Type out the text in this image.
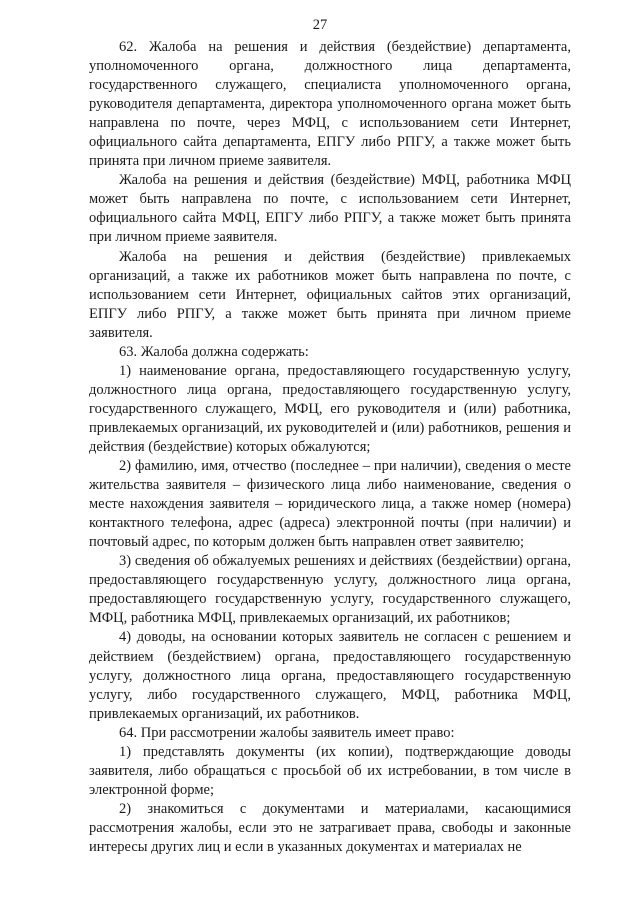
27

62. Жалоба на решения и действия (бездействие) департамента, уполномоченного органа, должностного лица департамента, государственного служащего, специалиста уполномоченного органа, руководителя департамента, директора уполномоченного органа может быть направлена по почте, через МФЦ, с использованием сети Интернет, официального сайта департамента, ЕПГУ либо РПГУ, а также может быть принята при личном приеме заявителя.

Жалоба на решения и действия (бездействие) МФЦ, работника МФЦ может быть направлена по почте, с использованием сети Интернет, официального сайта МФЦ, ЕПГУ либо РПГУ, а также может быть принята при личном приеме заявителя.

Жалоба на решения и действия (бездействие) привлекаемых организаций, а также их работников может быть направлена по почте, с использованием сети Интернет, официальных сайтов этих организаций, ЕПГУ либо РПГУ, а также может быть принята при личном приеме заявителя.

63. Жалоба должна содержать:

1) наименование органа, предоставляющего государственную услугу, должностного лица органа, предоставляющего государственную услугу, государственного служащего, МФЦ, его руководителя и (или) работника, привлекаемых организаций, их руководителей и (или) работников, решения и действия (бездействие) которых обжалуются;

2) фамилию, имя, отчество (последнее – при наличии), сведения о месте жительства заявителя – физического лица либо наименование, сведения о месте нахождения заявителя – юридического лица, а также номер (номера) контактного телефона, адрес (адреса) электронной почты (при наличии) и почтовый адрес, по которым должен быть направлен ответ заявителю;

3) сведения об обжалуемых решениях и действиях (бездействии) органа, предоставляющего государственную услугу, должностного лица органа, предоставляющего государственную услугу, государственного служащего, МФЦ, работника МФЦ, привлекаемых организаций, их работников;

4) доводы, на основании которых заявитель не согласен с решением и действием (бездействием) органа, предоставляющего государственную услугу, должностного лица органа, предоставляющего государственную услугу, либо государственного служащего, МФЦ, работника МФЦ, привлекаемых организаций, их работников.

64. При рассмотрении жалобы заявитель имеет право:

1) представлять документы (их копии), подтверждающие доводы заявителя, либо обращаться с просьбой об их истребовании, в том числе в электронной форме;

2) знакомиться с документами и материалами, касающимися рассмотрения жалобы, если это не затрагивает права, свободы и законные интересы других лиц и если в указанных документах и материалах не
